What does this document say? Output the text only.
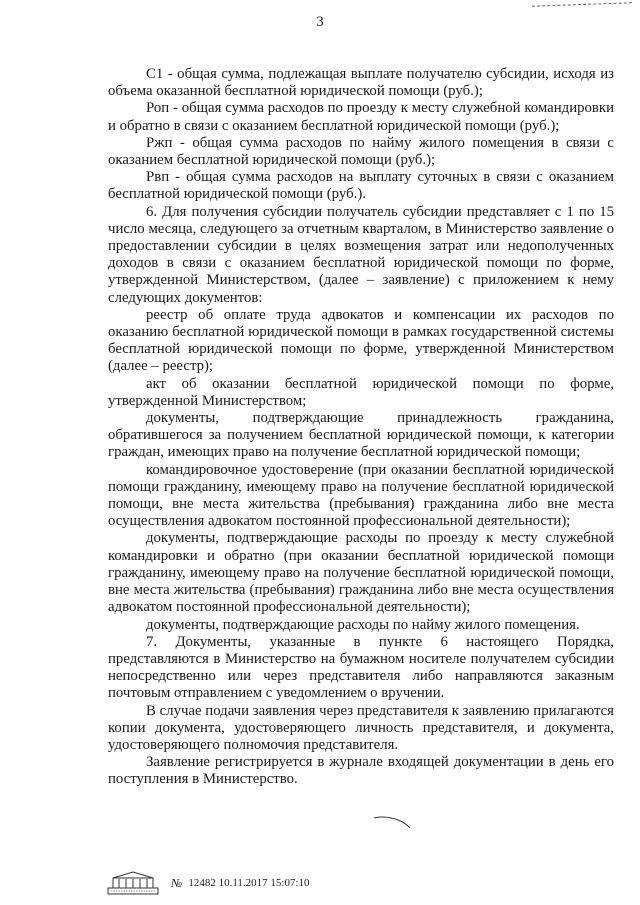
3

С1 - общая сумма, подлежащая выплате получателю субсидии, исходя из объема оказанной бесплатной юридической помощи (руб.);

Роп - общая сумма расходов по проезду к месту служебной командировки и обратно в связи с оказанием бесплатной юридической помощи (руб.);

Ржп - общая сумма расходов по найму жилого помещения в связи с оказанием бесплатной юридической помощи (руб.);

Рвп - общая сумма расходов на выплату суточных в связи с оказанием бесплатной юридической помощи (руб.).

6. Для получения субсидии получатель субсидии представляет с 1 по 15 число месяца, следующего за отчетным кварталом, в Министерство заявление о предоставлении субсидии в целях возмещения затрат или недополученных доходов в связи с оказанием бесплатной юридической помощи по форме, утвержденной Министерством, (далее – заявление) с приложением к нему следующих документов:

реестр об оплате труда адвокатов и компенсации их расходов по оказанию бесплатной юридической помощи в рамках государственной системы бесплатной юридической помощи по форме, утвержденной Министерством (далее – реестр);

акт об оказании бесплатной юридической помощи по форме, утвержденной Министерством;

документы, подтверждающие принадлежность гражданина, обратившегося за получением бесплатной юридической помощи, к категории граждан, имеющих право на получение бесплатной юридической помощи;

командировочное удостоверение (при оказании бесплатной юридической помощи гражданину, имеющему право на получение бесплатной юридической помощи, вне места жительства (пребывания) гражданина либо вне места осуществления адвокатом постоянной профессиональной деятельности);

документы, подтверждающие расходы по проезду к месту служебной командировки и обратно (при оказании бесплатной юридической помощи гражданину, имеющему право на получение бесплатной юридической помощи, вне места жительства (пребывания) гражданина либо вне места осуществления адвокатом постоянной профессиональной деятельности);

документы, подтверждающие расходы по найму жилого помещения.

7. Документы, указанные в пункте 6 настоящего Порядка, представляются в Министерство на бумажном носителе получателем субсидии непосредственно или через представителя либо направляются заказным почтовым отправлением с уведомлением о вручении.

В случае подачи заявления через представителя к заявлению прилагаются копии документа, удостоверяющего личность представителя, и документа, удостоверяющего полномочия представителя.

Заявление регистрируется в журнале входящей документации в день его поступления в Министерство.

№ 12482 10.11.2017 15:07:10
